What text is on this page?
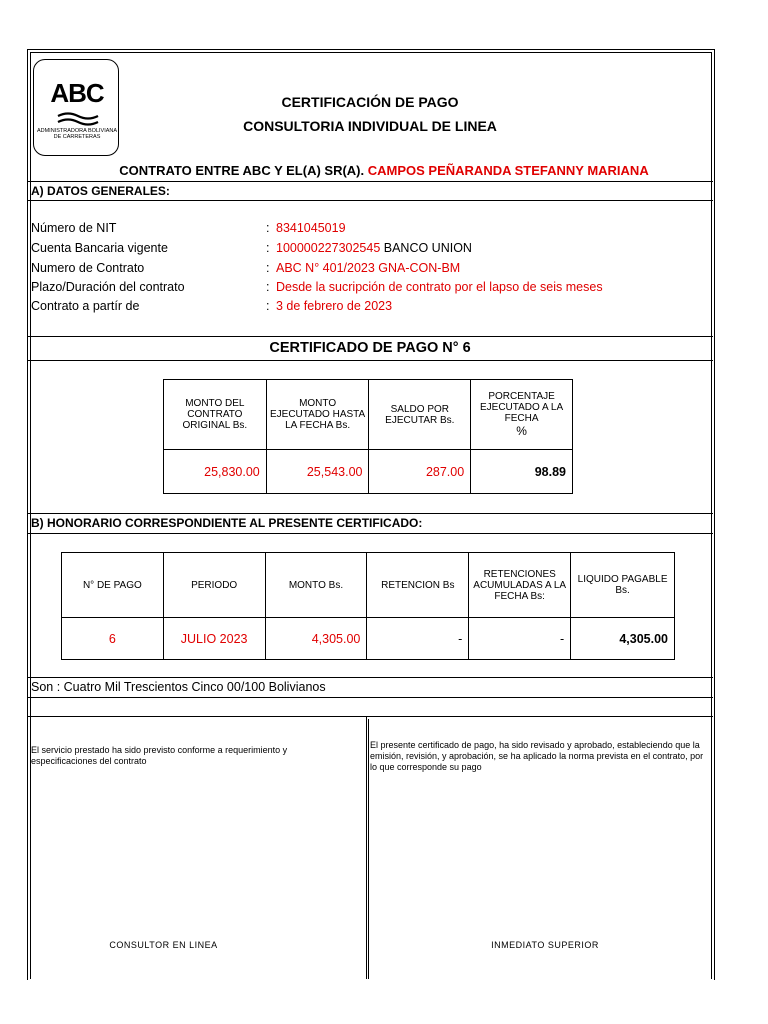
ABC
ADMINISTRADORA BOLIVIANA DE CARRETERAS
CERTIFICACIÓN DE PAGO
CONSULTORIA INDIVIDUAL DE LINEA
CONTRATO ENTRE ABC Y EL(A) SR(A). CAMPOS PEÑARANDA STEFANNY MARIANA
A) DATOS GENERALES:
Número de NIT	: 8341045019
Cuenta Bancaria vigente	: 100000227302545 BANCO UNION
Numero de Contrato	: ABC N° 401/2023 GNA-CON-BM
Plazo/Duración del contrato	: Desde la sucripción de contrato por el lapso de seis meses
Contrato a partír de	: 3 de febrero de 2023
CERTIFICADO DE PAGO N° 6
MONTO DEL CONTRATO ORIGINAL Bs.	MONTO EJECUTADO HASTA LA FECHA Bs.	SALDO POR EJECUTAR Bs.	PORCENTAJE EJECUTADO A LA FECHA
%

25,830.00	25,543.00	287.00	98.89
B) HONORARIO CORRESPONDIENTE AL PRESENTE CERTIFICADO:
N° DE PAGO	PERIODO	MONTO Bs.	RETENCION Bs	RETENCIONES ACUMULADAS A LA FECHA Bs:	LIQUIDO PAGABLE Bs.
6	JULIO 2023	4,305.00	-	-	4,305.00
Son : Cuatro Mil Trescientos Cinco 00/100 Bolivianos
El servicio prestado ha sido previsto conforme a requerimiento y especificaciones del contrato
El presente certificado de pago, ha sido revisado y aprobado, estableciendo que la emisión, revisión, y aprobación, se ha aplicado la norma prevista en el contrato, por lo que corresponde su pago
CONSULTOR EN LINEA	INMEDIATO SUPERIOR
